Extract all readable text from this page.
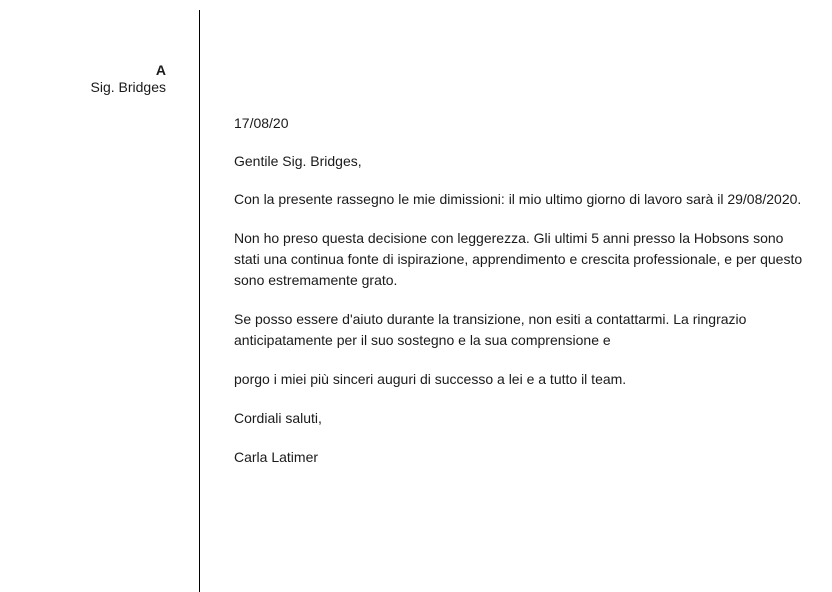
A
Sig. Bridges

17/08/20

Gentile Sig. Bridges,

Con la presente rassegno le mie dimissioni: il mio ultimo giorno di lavoro sarà il 29/08/2020.

Non ho preso questa decisione con leggerezza. Gli ultimi 5 anni presso la Hobsons sono stati una continua fonte di ispirazione, apprendimento e crescita professionale, e per questo sono estremamente grato.

Se posso essere d'aiuto durante la transizione, non esiti a contattarmi. La ringrazio anticipatamente per il suo sostegno e la sua comprensione e

porgo i miei più sinceri auguri di successo a lei e a tutto il team.

Cordiali saluti,

Carla Latimer
